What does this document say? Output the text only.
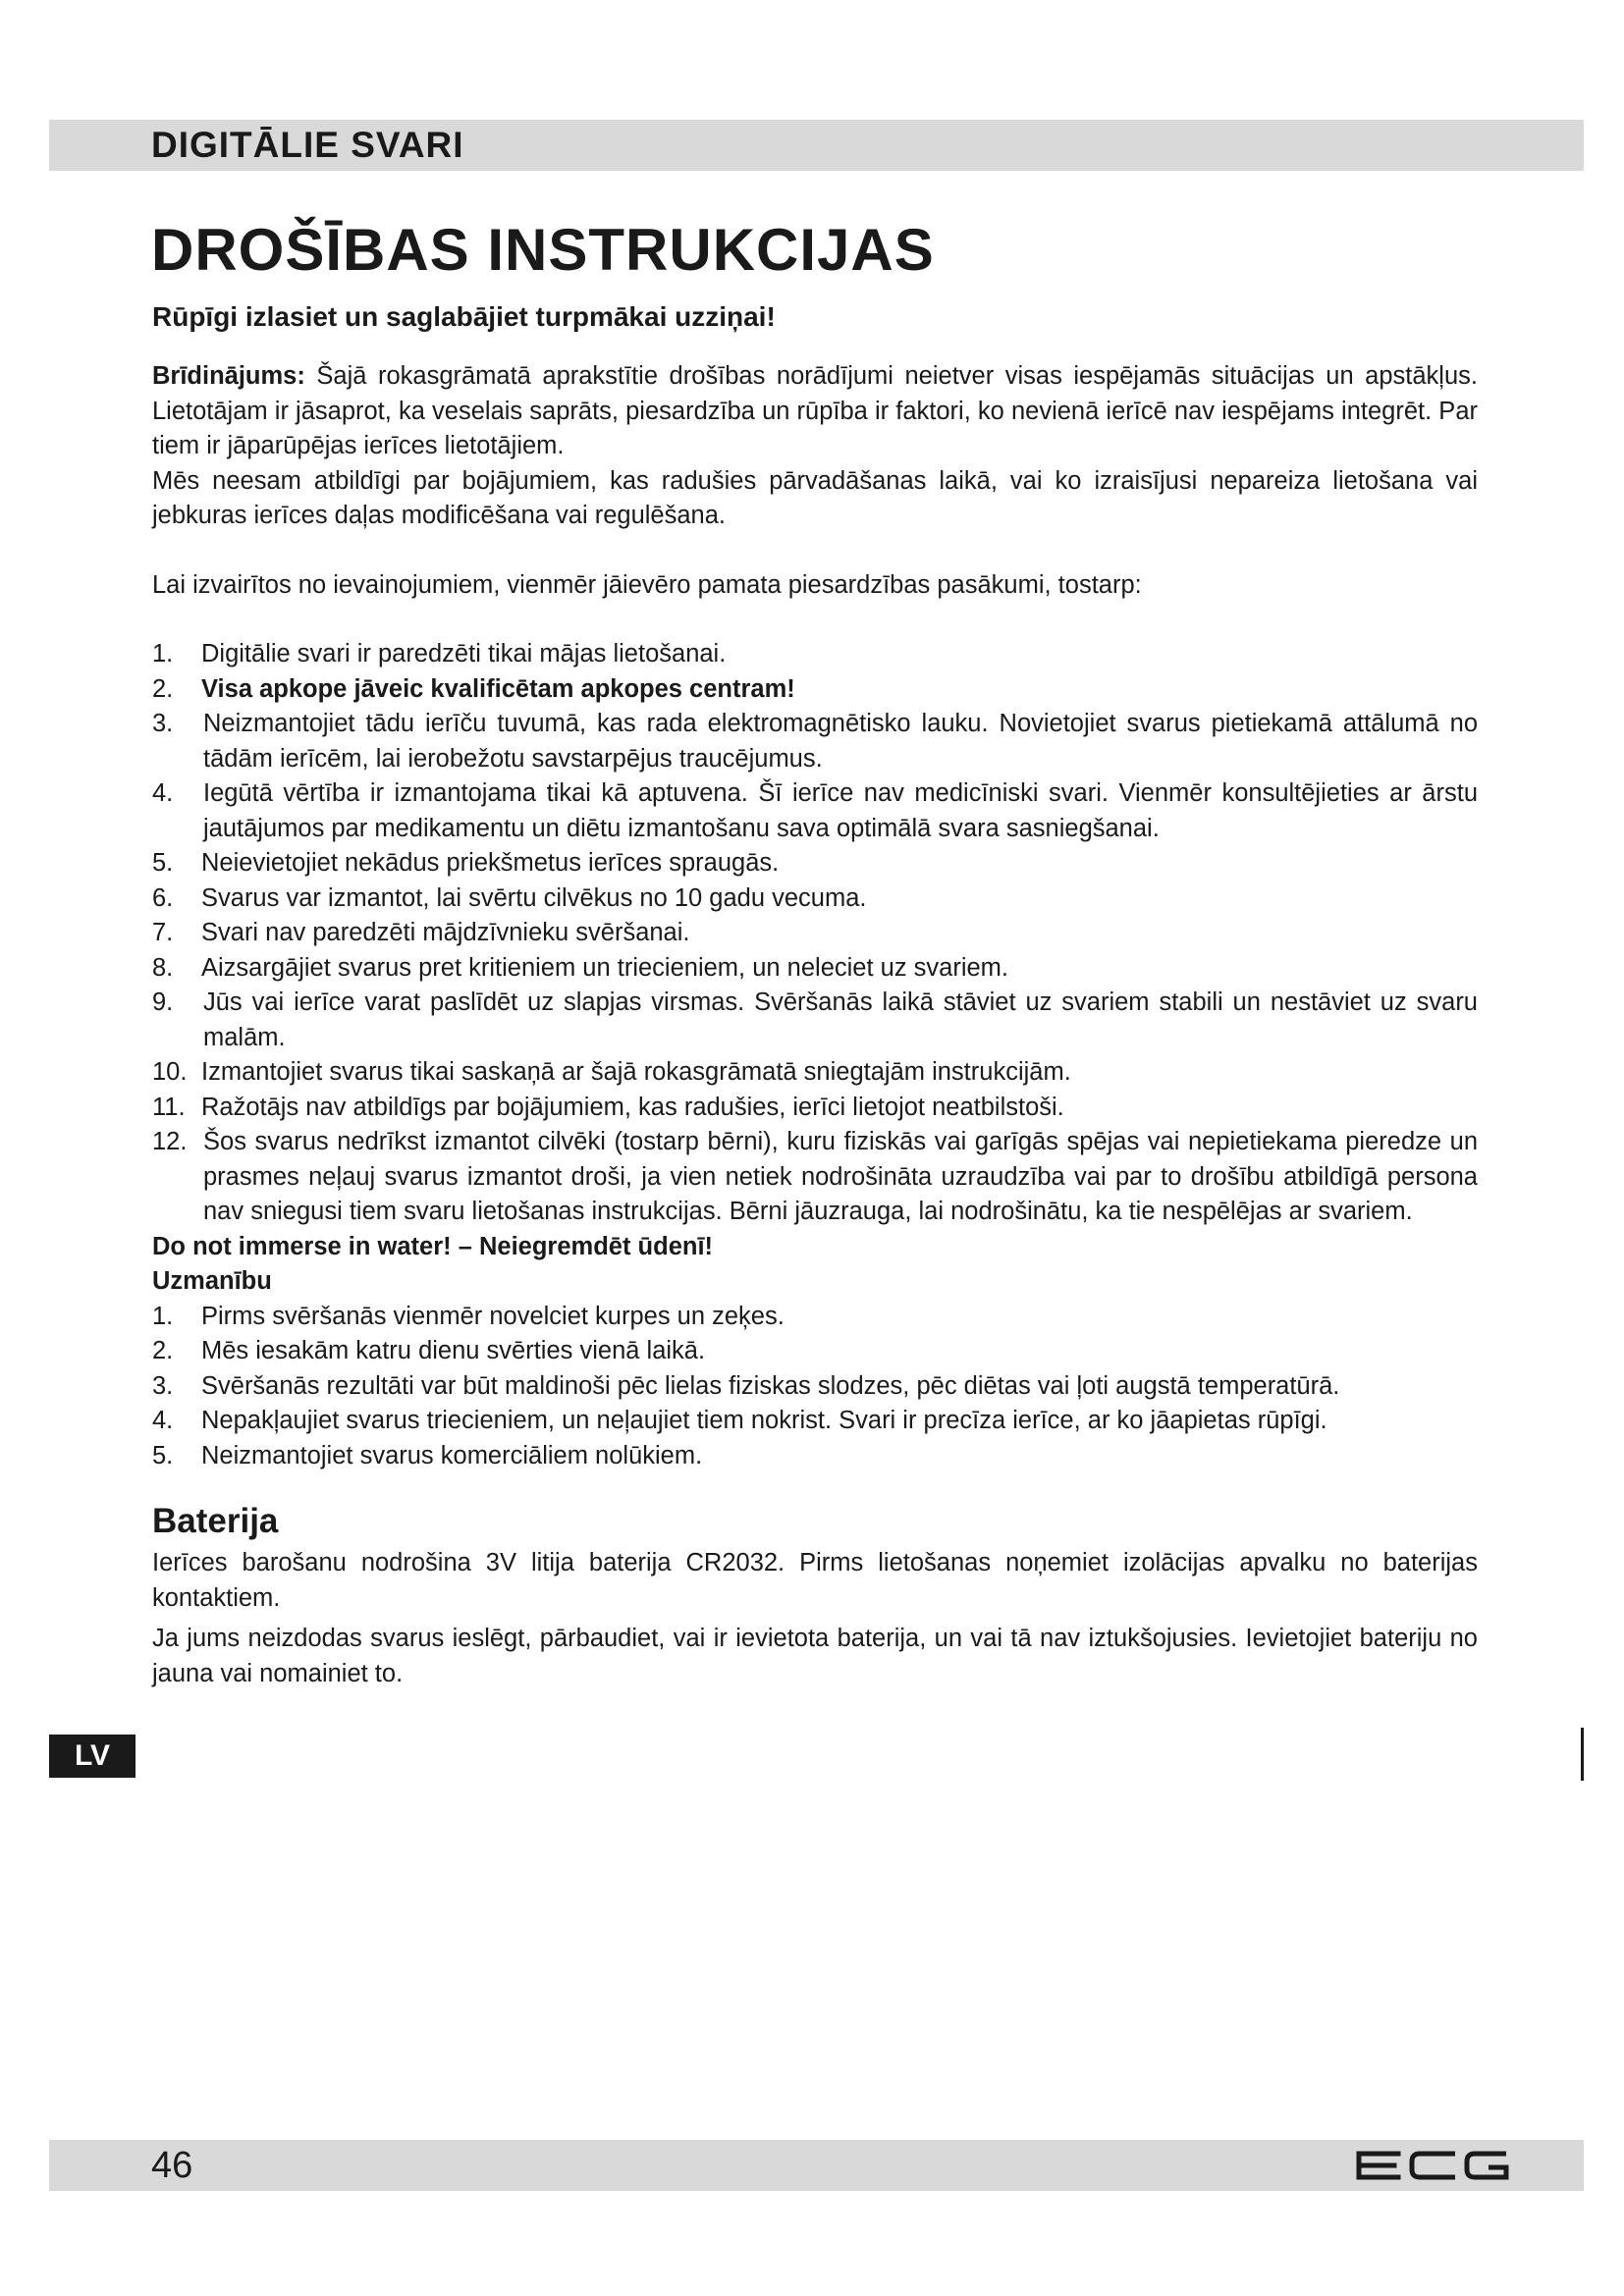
DIGITĀLIE SVARI
DROŠĪBAS INSTRUKCIJAS

Rūpīgi izlasiet un saglabājiet turpmākai uzziņai!

Brīdinājums: Šajā rokasgrāmatā aprakstītie drošības norādījumi neietver visas iespējamās situācijas un apstākļus. Lietotājam ir jāsaprot, ka veselais saprāts, piesardzība un rūpība ir faktori, ko nevienā ierīcē nav iespējams integrēt. Par tiem ir jāparūpējas ierīces lietotājiem.

Mēs neesam atbildīgi par bojājumiem, kas radušies pārvadāšanas laikā, vai ko izraisījusi nepareiza lietošana vai jebkuras ierīces daļas modificēšana vai regulēšana.

Lai izvairītos no ievainojumiem, vienmēr jāievēro pamata piesardzības pasākumi, tostarp:

1.	Digitālie svari ir paredzēti tikai mājas lietošanai.
2.	Visa apkope jāveic kvalificētam apkopes centram!
3.	Neizmantojiet tādu ierīču tuvumā, kas rada elektromagnētisko lauku. Novietojiet svarus pietiekamā attālumā no tādām ierīcēm, lai ierobežotu savstarpējus traucējumus.
4.	Iegūtā vērtība ir izmantojama tikai kā aptuvena. Šī ierīce nav medicīniski svari. Vienmēr konsultējieties ar ārstu jautājumos par medikamentu un diētu izmantošanu sava optimālā svara sasniegšanai.
5.	Neievietojiet nekādus priekšmetus ierīces spraugās.
6.	Svarus var izmantot, lai svērtu cilvēkus no 10 gadu vecuma.
7.	Svari nav paredzēti mājdzīvnieku svēršanai.
8.	Aizsargājiet svarus pret kritieniem un triecieniem, un neleciet uz svariem.
9.	Jūs vai ierīce varat paslīdēt uz slapjas virsmas. Svēršanās laikā stāviet uz svariem stabili un nestāviet uz svaru malām.
10. Izmantojiet svarus tikai saskaņā ar šajā rokasgrāmatā sniegtajām instrukcijām.
11. Ražotājs nav atbildīgs par bojājumiem, kas radušies, ierīci lietojot neatbilstoši.
12. Šos svarus nedrīkst izmantot cilvēki (tostarp bērni), kuru fiziskās vai garīgās spējas vai nepietiekama pieredze un prasmes neļauj svarus izmantot droši, ja vien netiek nodrošināta uzraudzība vai par to drošību atbildīgā persona nav sniegusi tiem svaru lietošanas instrukcijas. Bērni jāuzrauga, lai nodrošinātu, ka tie nespēlējas ar svariem.

Do not immerse in water! – Neiegremdēt ūdenī!

Uzmanību

1.	Pirms svēršanās vienmēr novelciet kurpes un zeķes.
2.	Mēs iesakām katru dienu svērties vienā laikā.
3.	Svēršanās rezultāti var būt maldinoši pēc lielas fiziskas slodzes, pēc diētas vai ļoti augstā temperatūrā.
4.	Nepakļaujiet svarus triecieniem, un neļaujiet tiem nokrist. Svari ir precīza ierīce, ar ko jāapietas rūpīgi.
5.	Neizmantojiet svarus komerciāliem nolūkiem.
Baterija

Ierīces barošanu nodrošina 3V litija baterija CR2032. Pirms lietošanas noņemiet izolācijas apvalku no baterijas kontaktiem.

Ja jums neizdodas svarus ieslēgt, pārbaudiet, vai ir ievietota baterija, un vai tā nav iztukšojusies. Ievietojiet bateriju no jauna vai nomainiet to.

LV
46
